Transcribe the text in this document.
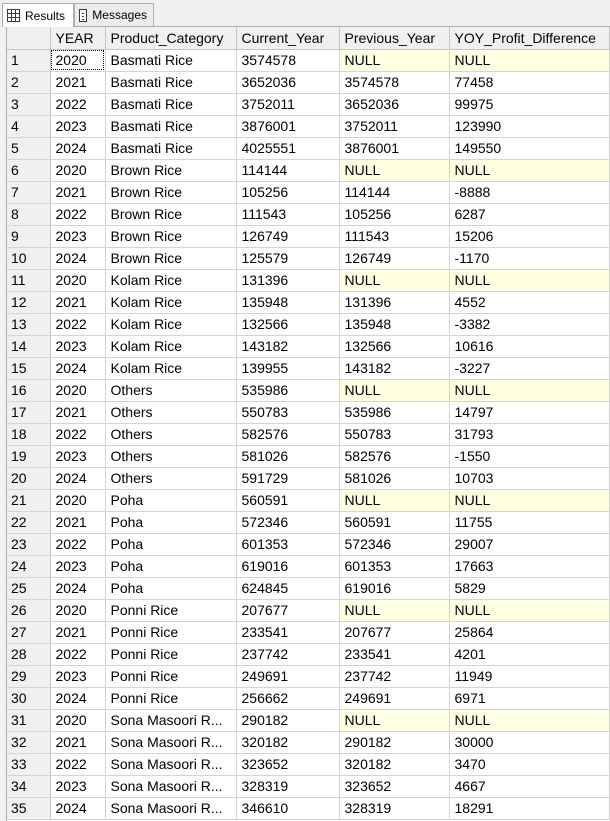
Results Messages
	YEAR	Product_Category	Current_Year	Previous_Year	YOY_Profit_Difference
1	2020	Basmati Rice	3574578	NULL	NULL
2	2021	Basmati Rice	3652036	3574578	77458
3	2022	Basmati Rice	3752011	3652036	99975
4	2023	Basmati Rice	3876001	3752011	123990
5	2024	Basmati Rice	4025551	3876001	149550
6	2020	Brown Rice	114144	NULL	NULL
7	2021	Brown Rice	105256	114144	-8888
8	2022	Brown Rice	111543	105256	6287
9	2023	Brown Rice	126749	111543	15206
10	2024	Brown Rice	125579	126749	-1170
11	2020	Kolam Rice	131396	NULL	NULL
12	2021	Kolam Rice	135948	131396	4552
13	2022	Kolam Rice	132566	135948	-3382
14	2023	Kolam Rice	143182	132566	10616
15	2024	Kolam Rice	139955	143182	-3227
16	2020	Others	535986	NULL	NULL
17	2021	Others	550783	535986	14797
18	2022	Others	582576	550783	31793
19	2023	Others	581026	582576	-1550
20	2024	Others	591729	581026	10703
21	2020	Poha	560591	NULL	NULL
22	2021	Poha	572346	560591	11755
23	2022	Poha	601353	572346	29007
24	2023	Poha	619016	601353	17663
25	2024	Poha	624845	619016	5829
26	2020	Ponni Rice	207677	NULL	NULL
27	2021	Ponni Rice	233541	207677	25864
28	2022	Ponni Rice	237742	233541	4201
29	2023	Ponni Rice	249691	237742	11949
30	2024	Ponni Rice	256662	249691	6971
31	2020	Sona Masoori R...	290182	NULL	NULL
32	2021	Sona Masoori R...	320182	290182	30000
33	2022	Sona Masoori R...	323652	320182	3470
34	2023	Sona Masoori R...	328319	323652	4667
35	2024	Sona Masoori R...	346610	328319	18291
